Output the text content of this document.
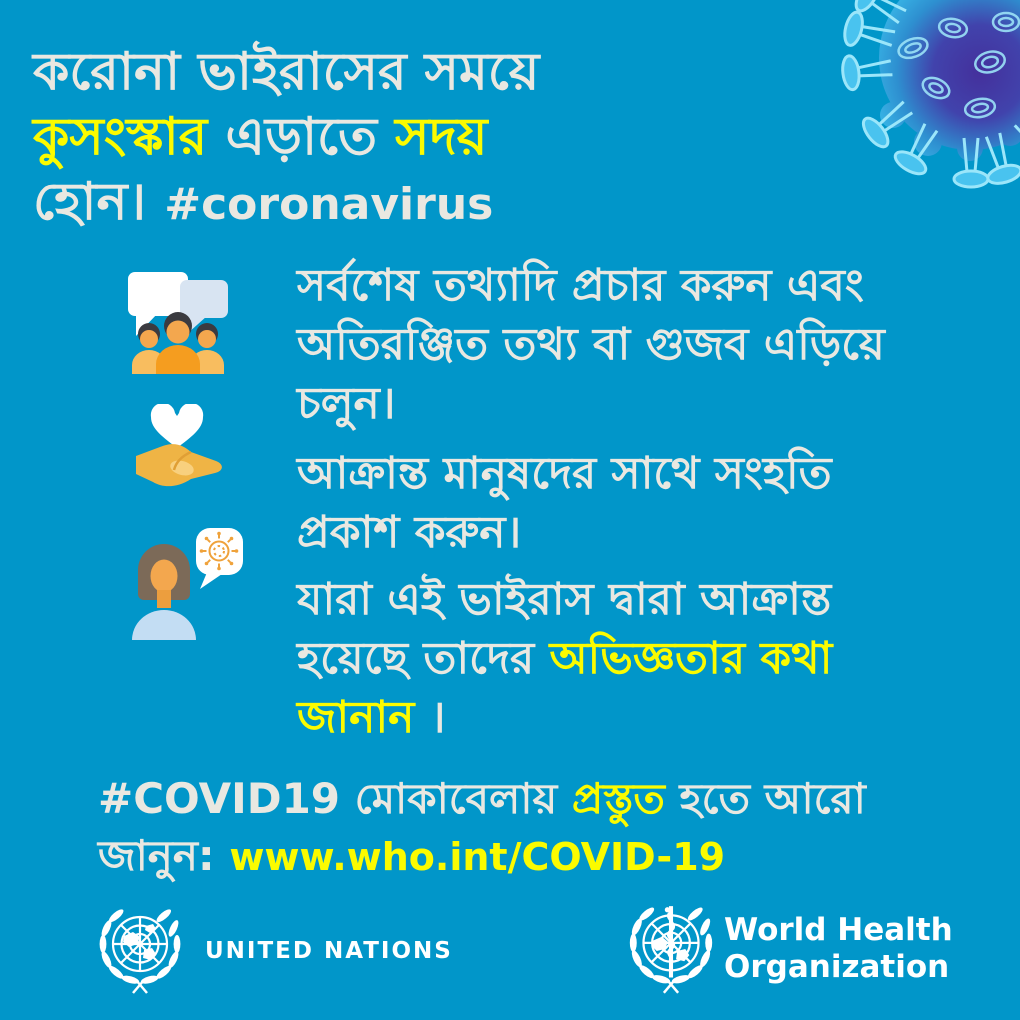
করোনা ভাইরাসের সময়ে
কুসংস্কার এড়াতে সদয়
হোন। #coronavirus
সর্বশেষ তথ্যাদি প্রচার করুন এবং
অতিরঞ্জিত তথ্য বা গুজব এড়িয়ে
চলুন।
আক্রান্ত মানুষদের সাথে সংহতি
প্রকাশ করুন।
যারা এই ভাইরাস দ্বারা আক্রান্ত
হয়েছে তাদের অভিজ্ঞতার কথা
জানান ।
#COVID19 মোকাবেলায় প্রস্তুত হতে আরো
জানুন: www.who.int/COVID-19
UNITED NATIONS
World Health
Organization
